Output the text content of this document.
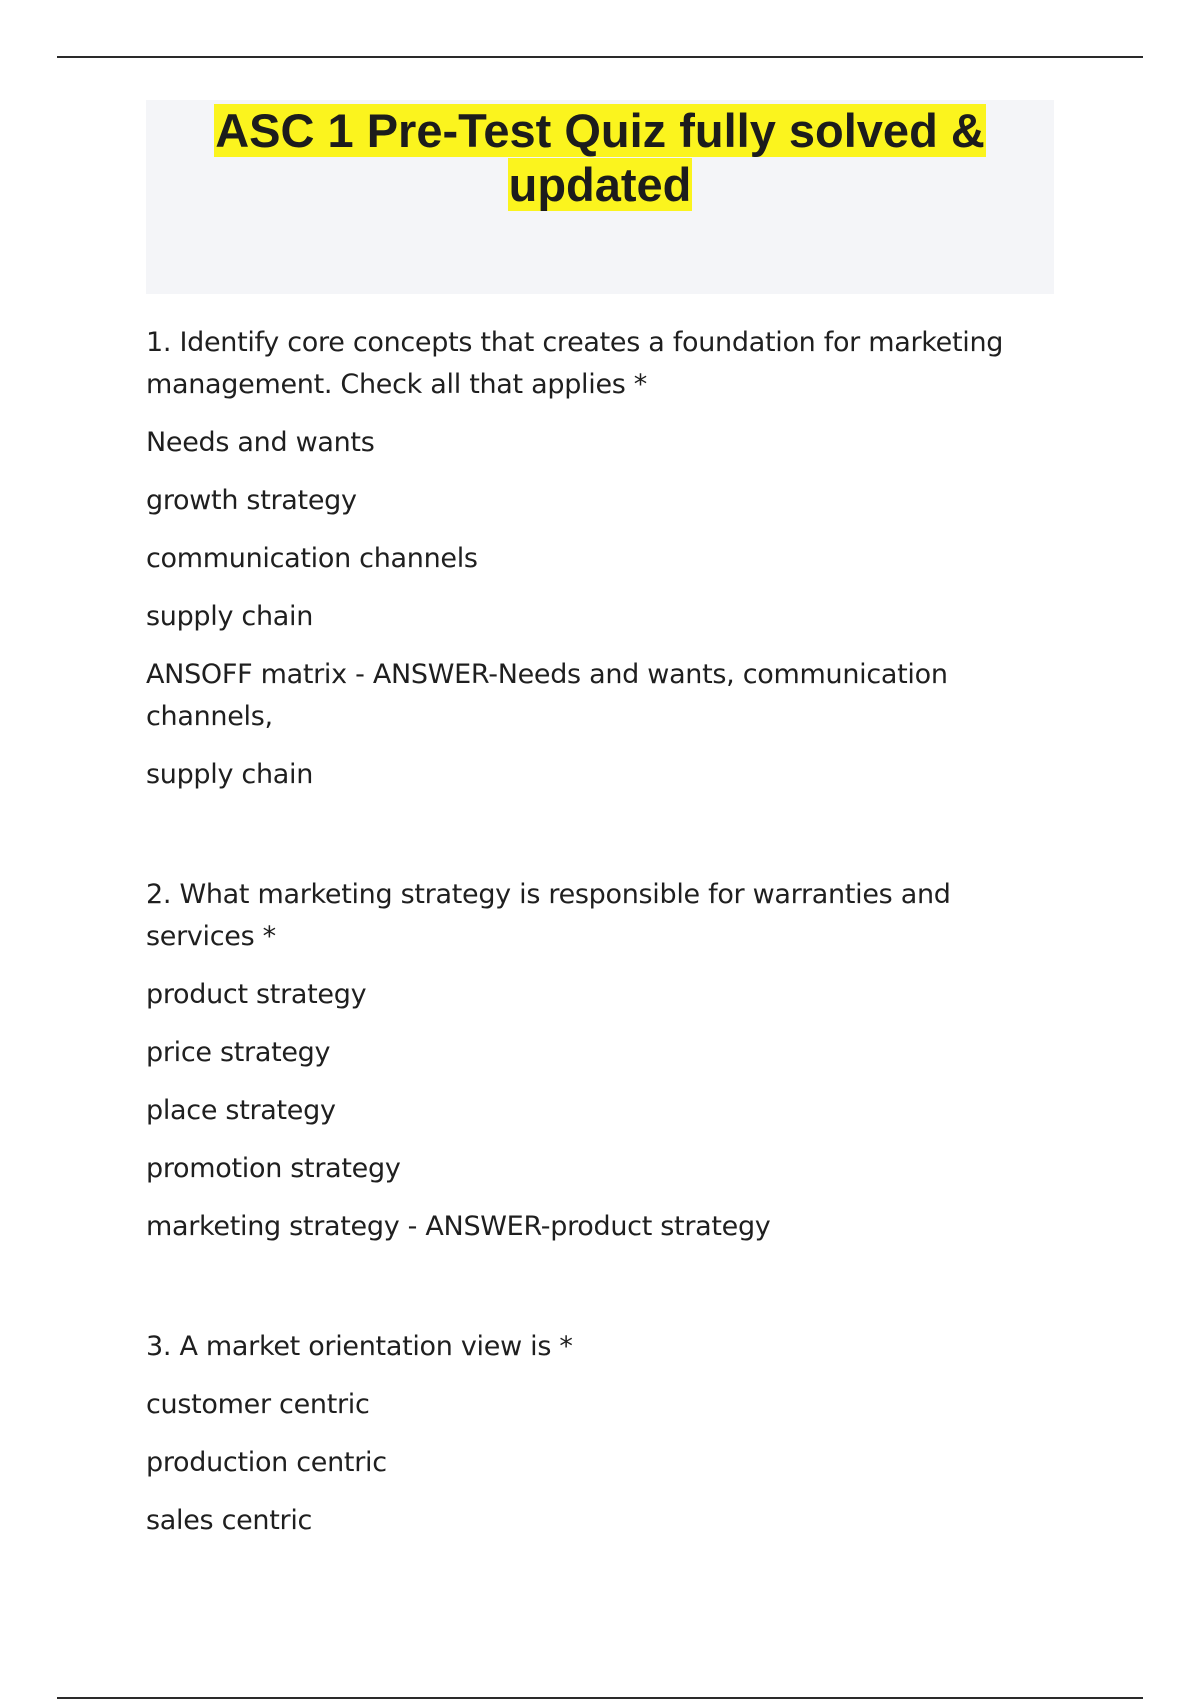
ASC 1 Pre-Test Quiz fully solved &
updated

1. Identify core concepts that creates a foundation for marketing management. Check all that applies *

Needs and wants

growth strategy

communication channels

supply chain

ANSOFF matrix - ANSWER-Needs and wants, communication channels,

supply chain

2. What marketing strategy is responsible for warranties and services *

product strategy

price strategy

place strategy

promotion strategy

marketing strategy - ANSWER-product strategy

3. A market orientation view is *

customer centric

production centric

sales centric
